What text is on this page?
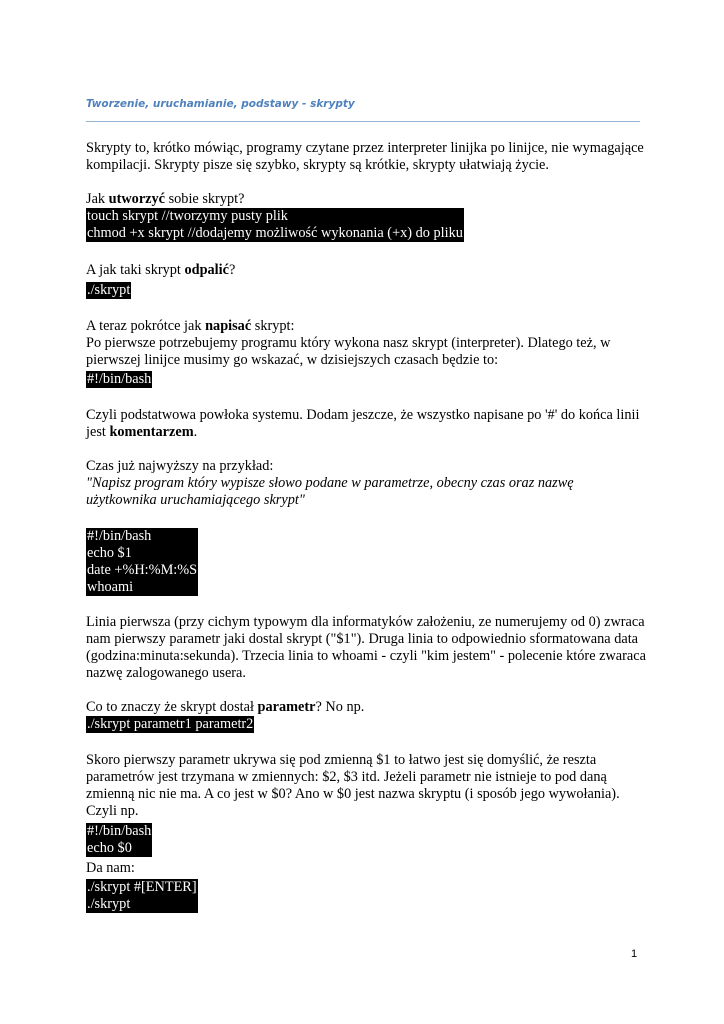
Tworzenie, uruchamianie, podstawy - skrypty
Skrypty to, krótko mówiąc, programy czytane przez interpreter linijka po linijce, nie wymagające kompilacji. Skrypty pisze się szybko, skrypty są krótkie, skrypty ułatwiają życie.
Jak utworzyć sobie skrypt?
touch skrypt //tworzymy pusty plik
chmod +x skrypt //dodajemy możliwość wykonania (+x) do pliku
A jak taki skrypt odpalić?
./skrypt
A teraz pokrótce jak napisać skrypt:
Po pierwsze potrzebujemy programu który wykona nasz skrypt (interpreter). Dlatego też, w pierwszej linijce musimy go wskazać, w dzisiejszych czasach będzie to:
#!/bin/bash
Czyli podstatwowa powłoka systemu. Dodam jeszcze, że wszystko napisane po '#' do końca linii jest komentarzem.
Czas już najwyższy na przykład:
"Napisz program który wypisze słowo podane w parametrze, obecny czas oraz nazwę użytkownika uruchamiającego skrypt"
#!/bin/bash
echo $1
date +%H:%M:%S
whoami
Linia pierwsza (przy cichym typowym dla informatyków założeniu, ze numerujemy od 0) zwraca nam pierwszy parametr jaki dostal skrypt ("$1"). Druga linia to odpowiednio sformatowana data (godzina:minuta:sekunda). Trzecia linia to whoami - czyli "kim jestem" - polecenie które zwaraca nazwę zalogowanego usera.
Co to znaczy że skrypt dostał parametr? No np.
./skrypt parametr1 parametr2
Skoro pierwszy parametr ukrywa się pod zmienną $1 to łatwo jest się domyślić, że reszta parametrów jest trzymana w zmiennych: $2, $3 itd. Jeżeli parametr nie istnieje to pod daną zmienną nic nie ma. A co jest w $0? Ano w $0 jest nazwa skryptu (i sposób jego wywołania). Czyli np.
#!/bin/bash
echo $0
Da nam:
./skrypt #[ENTER]
./skrypt
1
